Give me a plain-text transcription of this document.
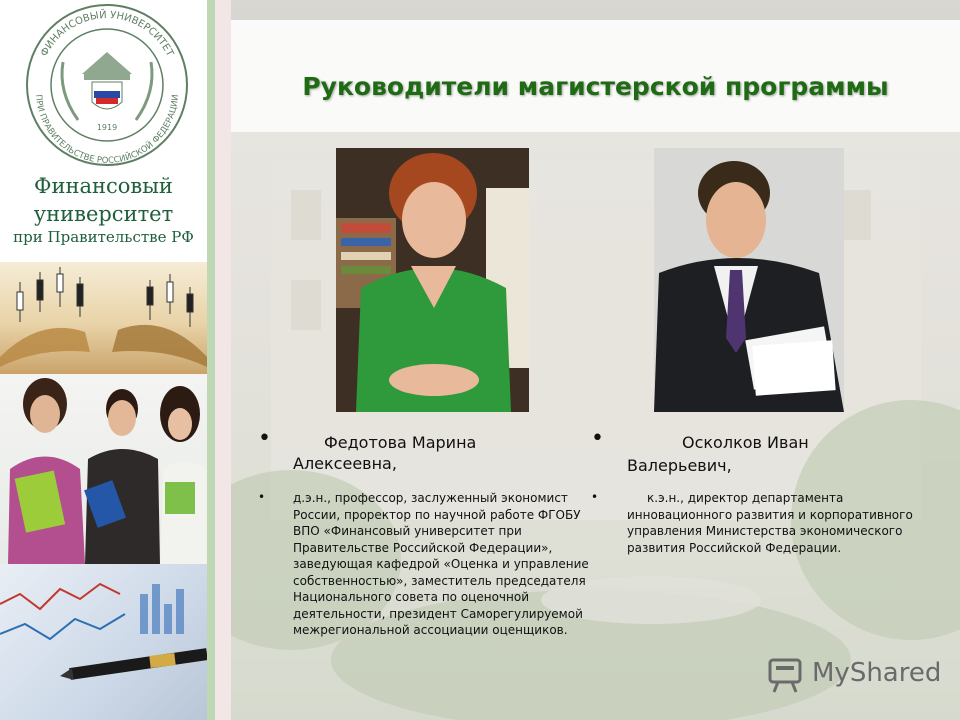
ФИНАНСОВЫЙ УНИВЕРСИТЕТ
ПРИ ПРАВИТЕЛЬСТВЕ РОССИЙСКОЙ ФЕДЕРАЦИИ
1919
Финансовый
университет
при Правительстве РФ
Руководители магистерской программы
•	Федотова Марина

Алексеевна,

• д.э.н., профессор, заслуженный экономист России, проректор по научной работе ФГОБУ ВПО «Финансовый университет при Правительстве Российской Федерации», заведующая кафедрой «Оценка и управление собственностью», заместитель председателя Национального совета по оценочной деятельности, президент Саморегулируемой межрегиональной ассоциации оценщиков.

•	Осколков Иван

Валерьевич,

•	к.э.н., директор департамента инновационного развития и корпоративного управления Министерства экономического развития Российской Федерации.

MyShared
